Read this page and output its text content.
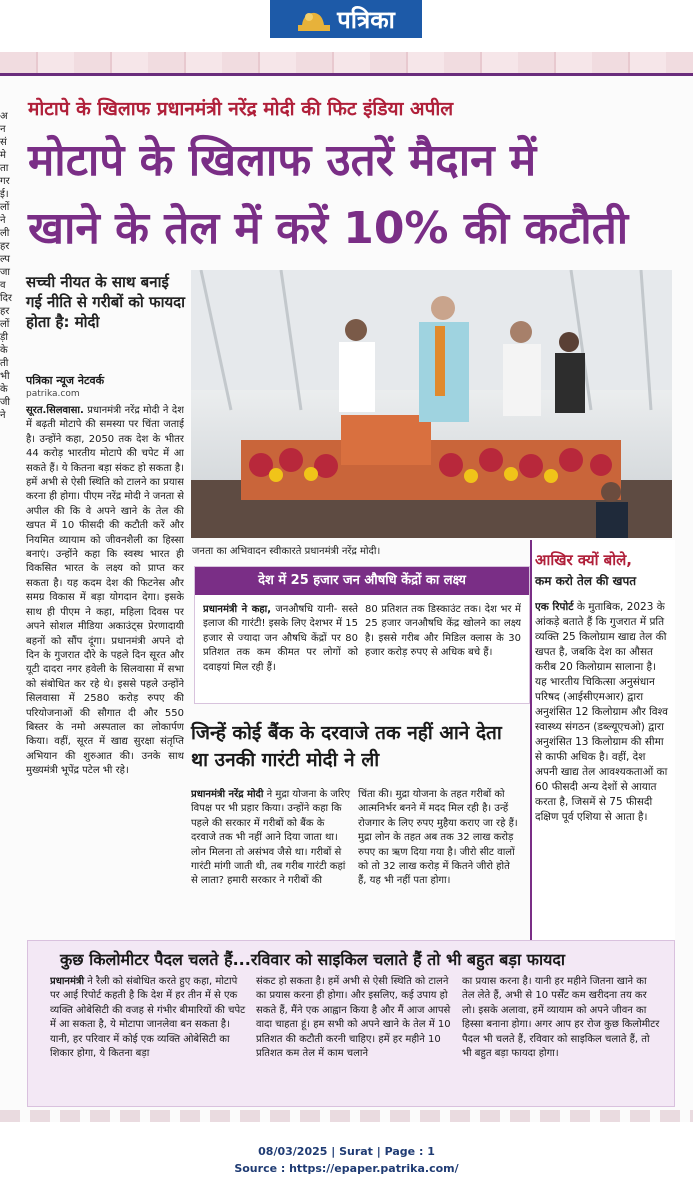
पत्रिका
अ न सं मे ता गर ई। लों ने ली हर ल्प जा व दिर हर लों ड़ी के ती भी के जी ने
मोटापे के खिलाफ प्रधानमंत्री नरेंद्र मोदी की फिट इंडिया अपील
मोटापे के खिलाफ उतरें मैदान में
खाने के तेल में करें 10% की कटौती
सच्ची नीयत के साथ बनाई गई नीति से गरीबों को फायदा होता है: मोदी
पत्रिका न्यूज नेटवर्क
patrika.com
सूरत.सिलवासा. प्रधानमंत्री नरेंद्र मोदी ने देश में बढ़ती मोटापे की समस्या पर चिंता जताई है। उन्होंने कहा, 2050 तक देश के भीतर 44 करोड़ भारतीय मोटापे की चपेट में आ सकते हैं। ये कितना बड़ा संकट हो सकता है। हमें अभी से ऐसी स्थिति को टालने का प्रयास करना ही होगा। पीएम नरेंद्र मोदी ने जनता से अपील की कि वे अपने खाने के तेल की खपत में 10 फीसदी की कटौती करें और नियमित व्यायाम को जीवनशैली का हिस्सा बनाएं। उन्होंने कहा कि स्वस्थ भारत ही विकसित भारत के लक्ष्य को प्राप्त कर सकता है। यह कदम देश की फिटनेस और समग्र विकास में बड़ा योगदान देगा। इसके साथ ही पीएम ने कहा, महिला दिवस पर अपने सोशल मीडिया अकाउंट्स प्रेरणादायी बहनों को सौंप दूंगा। प्रधानमंत्री अपने दो दिन के गुजरात दौरे के पहले दिन सूरत और यूटी दादरा नगर हवेली के सिलवासा में सभा को संबोधित कर रहे थे। इससे पहले उन्होंने सिलवासा में 2580 करोड़ रुपए की परियोजनाओं की सौगात दी और 550 बिस्तर के नमो अस्पताल का लोकार्पण किया। वहीं, सूरत में खाद्य सुरक्षा संतृप्ति अभियान की शुरुआत की। उनके साथ मुख्यमंत्री भूपेंद्र पटेल भी रहे।
जनता का अभिवादन स्वीकारते प्रधानमंत्री नरेंद्र मोदी।
देश में 25 हजार जन औषधि केंद्रों का लक्ष्य
प्रधानमंत्री ने कहा, जनऔषधि यानी- सस्ते इलाज की गारंटी! इसके लिए देशभर में 15 हजार से ज्यादा जन औषधि केंद्रों पर 80 प्रतिशत तक कम कीमत पर लोगों को दवाइयां मिल रही हैं।
80 प्रतिशत तक डिस्काउंट तक। देश भर में 25 हजार जनऔषधि केंद्र खोलने का लक्ष्य है। इससे गरीब और मिडिल क्लास के 30 हजार करोड़ रुपए से अधिक बचे हैं।
आखिर क्यों बोले,
कम करो तेल की खपत
एक रिपोर्ट के मुताबिक, 2023 के आंकड़े बताते हैं कि गुजरात में प्रति व्यक्ति 25 किलोग्राम खाद्य तेल की खपत है, जबकि देश का औसत करीब 20 किलोग्राम सालाना है। यह भारतीय चिकित्सा अनुसंधान परिषद (आईसीएमआर) द्वारा अनुशंसित 12 किलोग्राम और विश्व स्वास्थ्य संगठन (डब्ल्यूएचओ) द्वारा अनुशंसित 13 किलोग्राम की सीमा से काफी अधिक है। वहीं, देश अपनी खाद्य तेल आवश्यकताओं का 60 फीसदी अन्य देशों से आयात करता है, जिसमें से 75 फीसदी दक्षिण पूर्व एशिया से आता है।
जिन्हें कोई बैंक के दरवाजे तक नहीं आने देता था उनकी गारंटी मोदी ने ली
प्रधानमंत्री नरेंद्र मोदी ने मुद्रा योजना के जरिए विपक्ष पर भी प्रहार किया। उन्होंने कहा कि पहले की सरकार में गरीबों को बैंक के दरवाजे तक भी नहीं आने दिया जाता था। लोन मिलना तो असंभव जैसे था। गरीबों से गारंटी मांगी जाती थी, तब गरीब गारंटी कहां से लाता? हमारी सरकार ने गरीबों की
चिंता की। मुद्रा योजना के तहत गरीबों को आत्मनिर्भर बनने में मदद मिल रही है। उन्हें रोजगार के लिए रुपए मुहैया कराए जा रहे हैं। मुद्रा लोन के तहत अब तक 32 लाख करोड़ रुपए का ऋण दिया गया है। जीरो सीट वालों को तो 32 लाख करोड़ में कितने जीरो होते हैं, यह भी नहीं पता होगा।
कुछ किलोमीटर पैदल चलते हैं...रविवार को साइकिल चलाते हैं तो भी बहुत बड़ा फायदा
प्रधानमंत्री ने रैली को संबोधित करते हुए कहा, मोटापे पर आई रिपोर्ट कहती है कि देश में हर तीन में से एक व्यक्ति ओबेसिटी की वजह से गंभीर बीमारियों की चपेट में आ सकता है, ये मोटापा जानलेवा बन सकता है। यानी, हर परिवार में कोई एक व्यक्ति ओबेसिटी का शिकार होगा, ये कितना बड़ा
संकट हो सकता है। हमें अभी से ऐसी स्थिति को टालने का प्रयास करना ही होगा। और इसलिए, कई उपाय हो सकते हैं, मैंने एक आह्वान किया है और मैं आज आपसे वादा चाहता हूं। हम सभी को अपने खाने के तेल में 10 प्रतिशत की कटौती करनी चाहिए। हमें हर महीने 10 प्रतिशत कम तेल में काम चलाने
का प्रयास करना है। यानी हर महीने जितना खाने का तेल लेते हैं, अभी से 10 पर्सेंट कम खरीदना तय कर लो। इसके अलावा, हमें व्यायाम को अपने जीवन का हिस्सा बनाना होगा। अगर आप हर रोज कुछ किलोमीटर पैदल भी चलते हैं, रविवार को साइकिल चलाते हैं, तो भी बहुत बड़ा फायदा होगा।
08/03/2025 | Surat | Page : 1
Source : https://epaper.patrika.com/
